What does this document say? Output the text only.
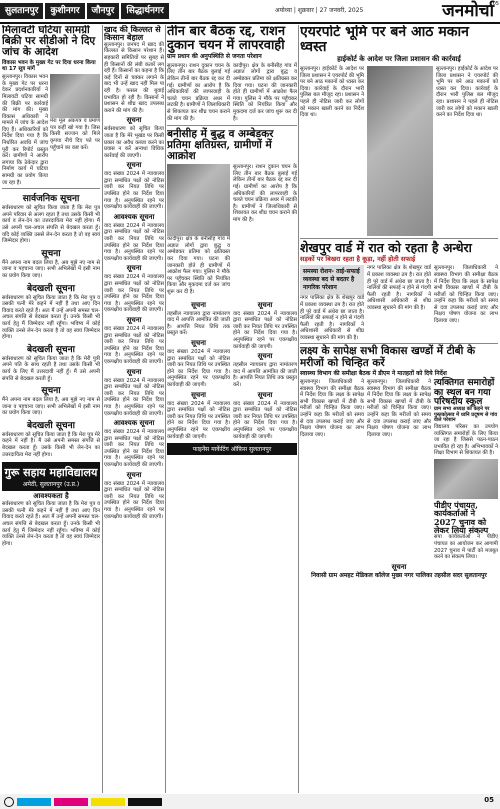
सुलतानपुर	कुशीनगर	जौनपुर	सिद्धार्थनगर	अयोध्या | शुक्रवार | 27 जनवरी, 2025	जनमोर्चा
05
मिलावटी घटिया सामग्री बिक्री पर सीडीओ ने दिए जांच के आदेश
विकास भवन के मुख्य गेट पर दिया धरना किया था 17 सूत्र मांगें
सुल्तानपुर। विकास भवन के मुख्य गेट पर धरना देकर प्रदर्शनकारियों ने मिलावटी घटिया सामग्री की बिक्री पर कार्रवाई की मांग की। मुख्य विकास अधिकारी ने मामले में जांच के आदेश दिए हैं। अधिकारियों को निर्देश दिया गया है कि निर्धारित अवधि में जांच पूरी कर रिपोर्ट प्रस्तुत करें। ग्रामीणों ने आरोप लगाया कि ठेकेदार द्वारा निर्माण कार्य में घटिया सामग्री का प्रयोग किया जा रहा है।
मेरा मूल अंकपत्र व प्रमाण पत्र कहीं खो गया है। जिस किसी सज्जन को मिले कृपया नीचे दिए पते पर पहुँचाने का कष्ट करें।
सार्वजनिक सूचना
सर्वसाधारण को सूचित किया जाता है कि मेरा पुत्र अपने परिवार से अलग रहता है तथा उसके किसी भी कार्य व लेन-देन का उत्तरदायित्व मेरा नहीं होगा। मैं उसे अपनी चल-अचल संपत्ति से बेदखल करता हूँ। यदि कोई व्यक्ति उससे लेन-देन करता है तो वह स्वयं जिम्मेदार होगा।
सूचना
मैंने अपना नाम बदल लिया है, अब मुझे नए नाम से जाना व पहचाना जाए। सभी अभिलेखों में इसी नाम का प्रयोग किया जाए।
बेदखली सूचना
सर्वसाधारण को सूचित किया जाता है कि मेरा पुत्र व उसकी पत्नी मेरे कहने में नहीं हैं तथा आए दिन विवाद करते रहते हैं। अतः मैं उन्हें अपनी समस्त चल-अचल संपत्ति से बेदखल करता हूँ। उनके किसी भी कार्य हेतु मैं जिम्मेदार नहीं रहूँगा। भविष्य में कोई व्यक्ति उनसे लेन-देन करता है तो वह स्वयं जिम्मेदार होगा।
बेदखली सूचना
सर्वसाधारण को सूचित किया जाता है कि मेरी पुत्री अपने पति के साथ रहती है तथा उसके किसी भी कार्य के लिए मैं उत्तरदायी नहीं हूँ। मैं उसे अपनी संपत्ति से बेदखल करती हूँ।
सूचना
मैंने अपना नाम बदल लिया है, अब मुझे नए नाम से जाना व पहचाना जाए। सभी अभिलेखों में इसी नाम का प्रयोग किया जाए।
बेदखली सूचना
सर्वसाधारण को सूचित किया जाता है कि मेरा पुत्र मेरे कहने में नहीं है। मैं उसे अपनी समस्त संपत्ति से बेदखल करता हूँ। उसके किसी भी लेन-देन का उत्तरदायित्व मेरा नहीं होगा।
गुरू सहाय महाविद्यालय
अमेठी, सुलतानपुर (उ.प्र.)
आवश्यकता है
सर्वसाधारण को सूचित किया जाता है कि मेरा पुत्र व उसकी पत्नी मेरे कहने में नहीं हैं तथा आए दिन विवाद करते रहते हैं। अतः मैं उन्हें अपनी समस्त चल-अचल संपत्ति से बेदखल करता हूँ। उनके किसी भी कार्य हेतु मैं जिम्मेदार नहीं रहूँगा। भविष्य में कोई व्यक्ति उनसे लेन-देन करता है तो वह स्वयं जिम्मेदार होगा।
खाद की किल्लत से किसान बेहाल
सुल्तानपुर। जनपद में खाद की किल्लत से किसान परेशान हैं। सहकारी समितियों पर सुबह से ही किसानों की लंबी कतारें लग रही हैं। किसानों का कहना है कि कई दिनों से चक्कर लगाने के बाद भी उन्हें खाद नहीं मिल पा रही है। फसल की बुवाई प्रभावित हो रही है। किसानों ने प्रशासन से शीघ्र खाद उपलब्ध कराने की मांग की है।
सूचना
सर्वसाधारण को सूचित किया जाता है कि मेरे भूखंड पर किसी प्रकार का अवैध कब्जा करने का प्रयास न करें अन्यथा विधिक कार्रवाई की जाएगी।
सूचना
वाद संख्या 2024 में न्यायालय द्वारा सम्बंधित पक्षों को नोटिस जारी कर नियत तिथि पर उपस्थित होने का निर्देश दिया गया है। अनुपस्थित रहने पर एकपक्षीय कार्यवाही की जाएगी।
आवश्यक सूचना
वाद संख्या 2024 में न्यायालय द्वारा सम्बंधित पक्षों को नोटिस जारी कर नियत तिथि पर उपस्थित होने का निर्देश दिया गया है। अनुपस्थित रहने पर एकपक्षीय कार्यवाही की जाएगी।
सूचना
वाद संख्या 2024 में न्यायालय द्वारा सम्बंधित पक्षों को नोटिस जारी कर नियत तिथि पर उपस्थित होने का निर्देश दिया गया है। अनुपस्थित रहने पर एकपक्षीय कार्यवाही की जाएगी।
सूचना
वाद संख्या 2024 में न्यायालय द्वारा सम्बंधित पक्षों को नोटिस जारी कर नियत तिथि पर उपस्थित होने का निर्देश दिया गया है। अनुपस्थित रहने पर एकपक्षीय कार्यवाही की जाएगी।
सूचना
वाद संख्या 2024 में न्यायालय द्वारा सम्बंधित पक्षों को नोटिस जारी कर नियत तिथि पर उपस्थित होने का निर्देश दिया गया है। अनुपस्थित रहने पर एकपक्षीय कार्यवाही की जाएगी।
आवश्यक सूचना
वाद संख्या 2024 में न्यायालय द्वारा सम्बंधित पक्षों को नोटिस जारी कर नियत तिथि पर उपस्थित होने का निर्देश दिया गया है। अनुपस्थित रहने पर एकपक्षीय कार्यवाही की जाएगी।
सूचना
वाद संख्या 2024 में न्यायालय द्वारा सम्बंधित पक्षों को नोटिस जारी कर नियत तिथि पर उपस्थित होने का निर्देश दिया गया है। अनुपस्थित रहने पर एकपक्षीय कार्यवाही की जाएगी।
तीन बार बैठक रद्द, राशन दुकान चयन में लापरवाही
ग्राम प्रधान की अनुपस्थिति से जनता परेशान
सुल्तानपुर। राशन दुकान चयन के लिए तीन बार बैठक बुलाई गई लेकिन तीनों बार बैठक रद्द कर दी गई। ग्रामीणों का आरोप है कि अधिकारियों की लापरवाही के चलते चयन प्रक्रिया अधर में लटकी है। ग्रामीणों ने जिलाधिकारी से शिकायत कर शीघ्र चयन कराने की मांग की है।
कादीपुर। क्षेत्र के बनीसीह गांव में अज्ञात लोगों द्वारा बुद्ध व अम्बेडकर प्रतिमा को क्षतिग्रस्त कर दिया गया। घटना की जानकारी होते ही ग्रामीणों में आक्रोश फैल गया। पुलिस ने मौके पर पहुँचकर स्थिति को नियंत्रित किया और मुकदमा दर्ज कर जांच शुरू कर दी है।
बनीसीह में बुद्ध व अम्बेडकर प्रतिमा क्षतिग्रस्त, ग्रामीणों में आक्रोश
कादीपुर। क्षेत्र के बनीसीह गांव में अज्ञात लोगों द्वारा बुद्ध व अम्बेडकर प्रतिमा को क्षतिग्रस्त कर दिया गया। घटना की जानकारी होते ही ग्रामीणों में आक्रोश फैल गया। पुलिस ने मौके पर पहुँचकर स्थिति को नियंत्रित किया और मुकदमा दर्ज कर जांच शुरू कर दी है।
सुल्तानपुर। राशन दुकान चयन के लिए तीन बार बैठक बुलाई गई लेकिन तीनों बार बैठक रद्द कर दी गई। ग्रामीणों का आरोप है कि अधिकारियों की लापरवाही के चलते चयन प्रक्रिया अधर में लटकी है। ग्रामीणों ने जिलाधिकारी से शिकायत कर शीघ्र चयन कराने की मांग की है।
सूचना
तहसील न्यायालय द्वारा नामांतरण वाद में आपत्ति आमंत्रित की जाती है। आपत्ति नियत तिथि तक प्रस्तुत करें।
सूचना
वाद संख्या 2024 में न्यायालय द्वारा सम्बंधित पक्षों को नोटिस जारी कर नियत तिथि पर उपस्थित होने का निर्देश दिया गया है। अनुपस्थित रहने पर एकपक्षीय कार्यवाही की जाएगी।
सूचना
वाद संख्या 2024 में न्यायालय द्वारा सम्बंधित पक्षों को नोटिस जारी कर नियत तिथि पर उपस्थित होने का निर्देश दिया गया है। अनुपस्थित रहने पर एकपक्षीय कार्यवाही की जाएगी।
सूचना
वाद संख्या 2024 में न्यायालय द्वारा सम्बंधित पक्षों को नोटिस जारी कर नियत तिथि पर उपस्थित होने का निर्देश दिया गया है। अनुपस्थित रहने पर एकपक्षीय कार्यवाही की जाएगी।
सूचना
तहसील न्यायालय द्वारा नामांतरण वाद में आपत्ति आमंत्रित की जाती है। आपत्ति नियत तिथि तक प्रस्तुत करें।
सूचना
वाद संख्या 2024 में न्यायालय द्वारा सम्बंधित पक्षों को नोटिस जारी कर नियत तिथि पर उपस्थित होने का निर्देश दिया गया है। अनुपस्थित रहने पर एकपक्षीय कार्यवाही की जाएगी।
फाइनेंस मार्केटिंग ऑफ़िस सुलतानपुर
एयरपोर्ट भूमि पर बने आठ मकान ध्वस्त
हाईकोर्ट के आदेश पर जिला प्रशासन की कार्रवाई
सुल्तानपुर। हाईकोर्ट के आदेश पर जिला प्रशासन ने एयरपोर्ट की भूमि पर बने आठ मकानों को ध्वस्त कर दिया। कार्रवाई के दौरान भारी पुलिस बल मौजूद रहा। प्रशासन ने पहले ही नोटिस जारी कर लोगों को मकान खाली करने का निर्देश दिया था।
सुल्तानपुर। हाईकोर्ट के आदेश पर जिला प्रशासन ने एयरपोर्ट की भूमि पर बने आठ मकानों को ध्वस्त कर दिया। कार्रवाई के दौरान भारी पुलिस बल मौजूद रहा। प्रशासन ने पहले ही नोटिस जारी कर लोगों को मकान खाली करने का निर्देश दिया था।
शेखपुर वार्ड में रात को रहता है अन्धेरा
सड़कों पर बिखरा रहता है कूड़ा, नहीं होती सफाई
समस्या रोशन- ताई-सफाई व्यवस्था बद से बदतर है नागरिक परेशान
नगर पालिका क्षेत्र के शेखपुर वार्ड में प्रकाश व्यवस्था ठप है। रात होते ही पूरे वार्ड में अंधेरा छा जाता है। नालियों की सफाई न होने से गंदगी फैली रहती है। नागरिकों ने अधिशासी अधिकारी से शीघ्र व्यवस्था सुधारने की मांग की है।
नगर पालिका क्षेत्र के शेखपुर वार्ड में प्रकाश व्यवस्था ठप है। रात होते ही पूरे वार्ड में अंधेरा छा जाता है। नालियों की सफाई न होने से गंदगी फैली रहती है। नागरिकों ने अधिशासी अधिकारी से शीघ्र व्यवस्था सुधारने की मांग की है।
सुल्तानपुर। जिलाधिकारी ने स्वास्थ्य विभाग की समीक्षा बैठक में निर्देश दिया कि लक्ष्य के सापेक्ष सभी विकास खण्डों में टीबी के मरीजों को चिन्हित किया जाए। उन्होंने कहा कि मरीजों को समय से दवा उपलब्ध कराई जाए और निक्षय पोषण योजना का लाभ दिलाया जाए।
लक्ष्य के सापेक्ष सभी विकास खण्डों में टीबी के मरीजों को चिन्हित करें
स्वास्थ्य विभाग की समीक्षा बैठक में डीएम ने मातहतों को दिये निर्देश
सुल्तानपुर। जिलाधिकारी ने स्वास्थ्य विभाग की समीक्षा बैठक में निर्देश दिया कि लक्ष्य के सापेक्ष सभी विकास खण्डों में टीबी के मरीजों को चिन्हित किया जाए। उन्होंने कहा कि मरीजों को समय से दवा उपलब्ध कराई जाए और निक्षय पोषण योजना का लाभ दिलाया जाए।
सुल्तानपुर। जिलाधिकारी ने स्वास्थ्य विभाग की समीक्षा बैठक में निर्देश दिया कि लक्ष्य के सापेक्ष सभी विकास खण्डों में टीबी के मरीजों को चिन्हित किया जाए। उन्होंने कहा कि मरीजों को समय से दवा उपलब्ध कराई जाए और निक्षय पोषण योजना का लाभ दिलाया जाए।
त्यक्तिगत समारोहों का स्थल बन गया परिषदीय स्कूल
ग्राम सभा अध्यक्ष को कहने पर पुस्तकोत्सव में ध्वनि प्रदूषण से गांव वाले परेशान
विद्यालय परिसर का उपयोग व्यक्तिगत समारोहों के लिए किया जा रहा है जिससे पठन-पाठन प्रभावित हो रहा है। अभिभावकों ने शिक्षा विभाग से शिकायत की है।
पीडीए पंचायत, कार्यकर्ताओं ने 2027 चुनाव को लेकर लिया संकल्प
सपा कार्यकर्ताओं ने पीडीए पंचायत का आयोजन कर आगामी 2027 चुनाव में पार्टी को मजबूत करने का संकल्प लिया।
सूचना
निवासी ग्राम अमहट मेडिकल कॉलेज मुख्य नगर पालिका तहसील सदर सुलतानपुर
05
